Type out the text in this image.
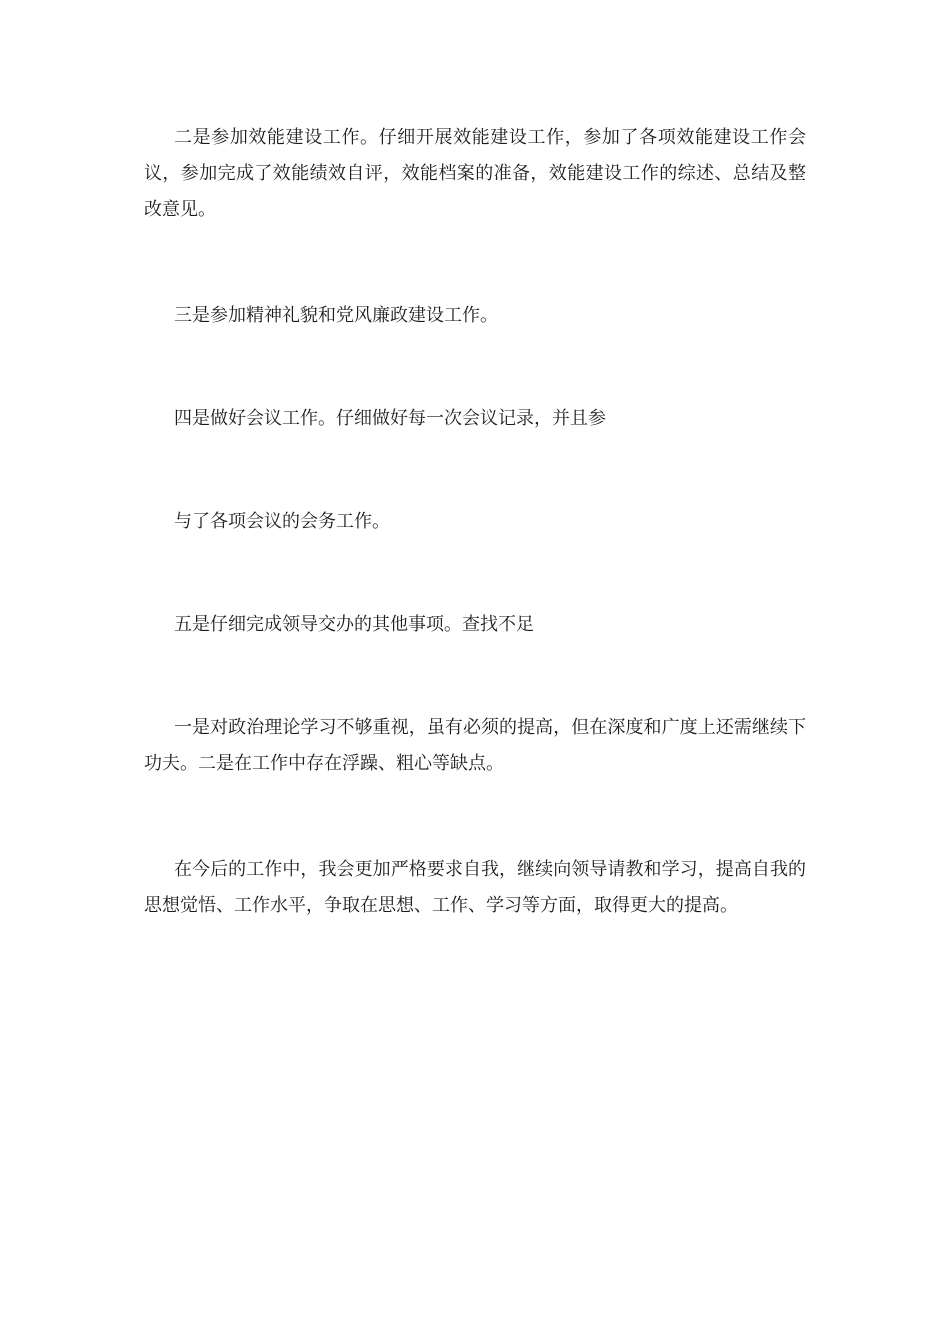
二是参加效能建设工作。仔细开展效能建设工作，参加了各项效能建设工作会议，参加完成了效能绩效自评，效能档案的准备，效能建设工作的综述、总结及整改意见。

三是参加精神礼貌和党风廉政建设工作。

四是做好会议工作。仔细做好每一次会议记录，并且参

与了各项会议的会务工作。

五是仔细完成领导交办的其他事项。查找不足

一是对政治理论学习不够重视，虽有必须的提高，但在深度和广度上还需继续下功夫。二是在工作中存在浮躁、粗心等缺点。

在今后的工作中，我会更加严格要求自我，继续向领导请教和学习，提高自我的思想觉悟、工作水平，争取在思想、工作、学习等方面，取得更大的提高。
